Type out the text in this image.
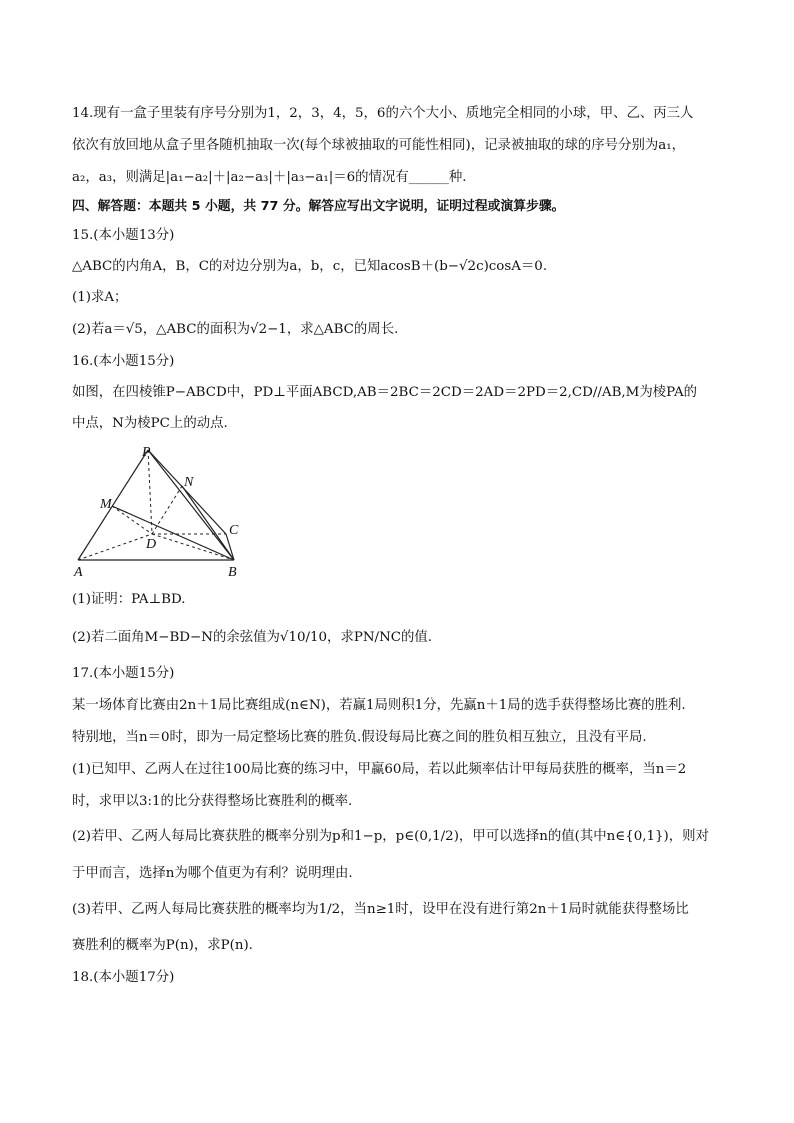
14.现有一盒子里装有序号分别为1，2，3，4，5，6的六个大小、质地完全相同的小球，甲、乙、丙三人
依次有放回地从盒子里各随机抽取一次(每个球被抽取的可能性相同)，记录被抽取的球的序号分别为a₁，
a₂，a₃，则满足|a₁−a₂|＋|a₂−a₃|＋|a₃−a₁|＝6的情况有______种.
四、解答题：本题共 5 小题，共 77 分。解答应写出文字说明，证明过程或演算步骤。
15.(本小题13分)
△ABC的内角A，B，C的对边分别为a，b，c，已知acosB＋(b−√2c)cosA＝0.
(1)求A；
(2)若a＝√5，△ABC的面积为√2−1，求△ABC的周长.
16.(本小题15分)
如图，在四棱锥P−ABCD中，PD⊥平面ABCD,AB＝2BC＝2CD＝2AD＝2PD＝2,CD//AB,M为棱PA的
中点，N为棱PC上的动点.
(1)证明：PA⊥BD.
(2)若二面角M−BD−N的余弦值为√10/10，求PN/NC的值.
17.(本小题15分)
某一场体育比赛由2n＋1局比赛组成(n∈N)，若赢1局则积1分，先赢n＋1局的选手获得整场比赛的胜利.
特别地，当n＝0时，即为一局定整场比赛的胜负.假设每局比赛之间的胜负相互独立，且没有平局.
(1)已知甲、乙两人在过往100局比赛的练习中，甲赢60局，若以此频率估计甲每局获胜的概率，当n＝2
时，求甲以3:1的比分获得整场比赛胜利的概率.
(2)若甲、乙两人每局比赛获胜的概率分别为p和1−p，p∈(0,1/2)，甲可以选择n的值(其中n∈{0,1})，则对
于甲而言，选择n为哪个值更为有利？说明理由.
(3)若甲、乙两人每局比赛获胜的概率均为1/2，当n≥1时，设甲在没有进行第2n＋1局时就能获得整场比
赛胜利的概率为P(n)，求P(n).
18.(本小题17分)
P
N
M
C
D
A	B
